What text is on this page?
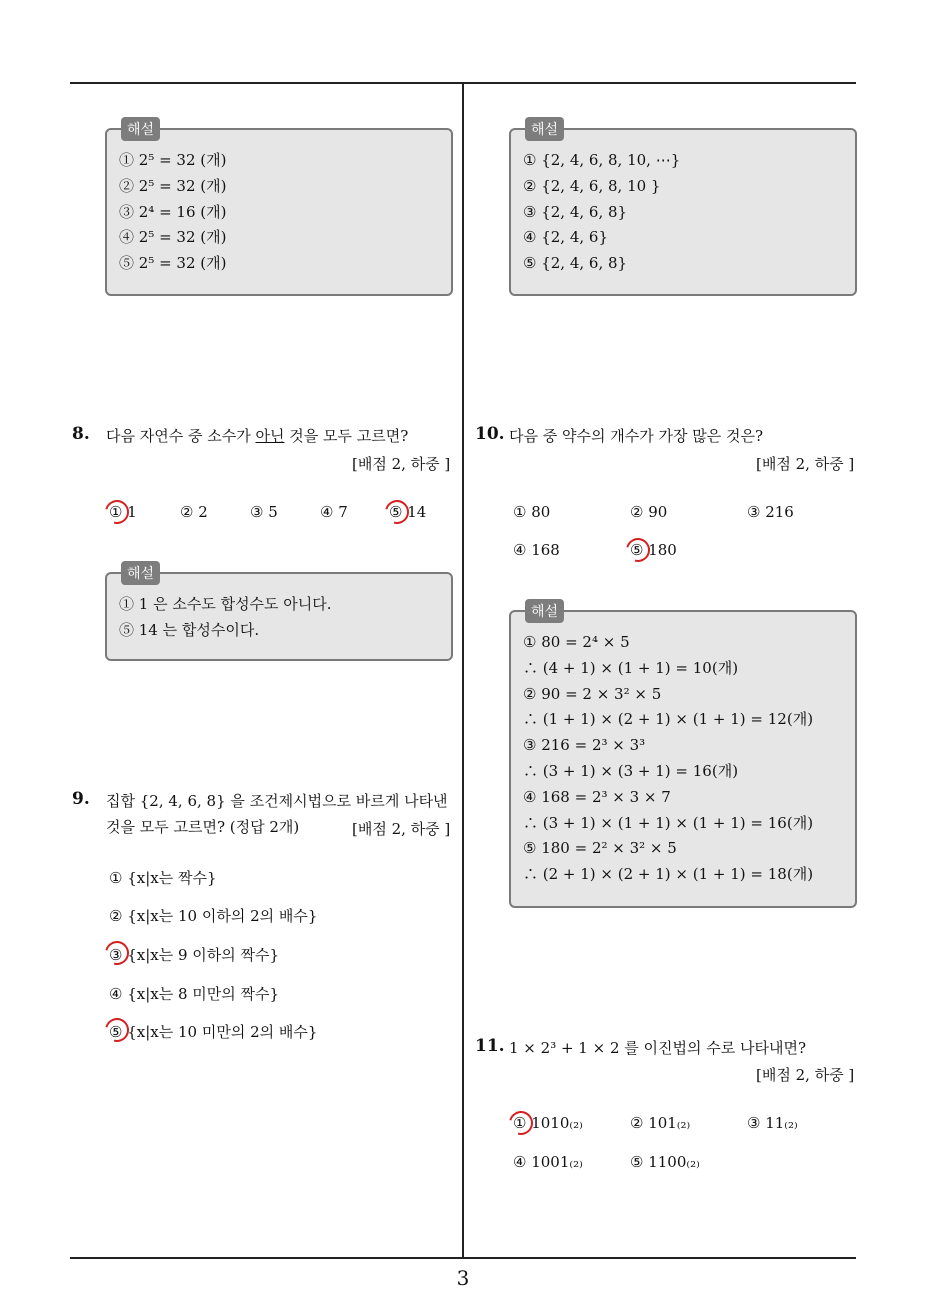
해설
① 2⁵ = 32 (개)
② 2⁵ = 32 (개)
③ 2⁴ = 16 (개)
④ 2⁵ = 32 (개)
⑤ 2⁵ = 32 (개)
8. 다음 자연수 중 소수가 아닌 것을 모두 고르면?
[배점 2, 하중 ]
① 1	② 2	③ 5	④ 7	⑤ 14
해설
① 1 은 소수도 합성수도 아니다.
⑤ 14 는 합성수이다.
9. 집합 {2, 4, 6, 8} 을 조건제시법으로 바르게 나타낸
것을 모두 고르면? (정답 2개)	[배점 2, 하중 ]
① {x|x는 짝수}
② {x|x는 10 이하의 2의 배수}
③ {x|x는 9 이하의 짝수}
④ {x|x는 8 미만의 짝수}
⑤ {x|x는 10 미만의 2의 배수}
해설
① {2, 4, 6, 8, 10, ⋯}
② {2, 4, 6, 8, 10 }
③ {2, 4, 6, 8}
④ {2, 4, 6}
⑤ {2, 4, 6, 8}
10. 다음 중 약수의 개수가 가장 많은 것은?
[배점 2, 하중 ]
① 80	② 90	③ 216
④ 168	⑤ 180
해설
① 80 = 2⁴ × 5
∴ (4 + 1) × (1 + 1) = 10(개)
② 90 = 2 × 3² × 5
∴ (1 + 1) × (2 + 1) × (1 + 1) = 12(개)
③ 216 = 2³ × 3³
∴ (3 + 1) × (3 + 1) = 16(개)
④ 168 = 2³ × 3 × 7
∴ (3 + 1) × (1 + 1) × (1 + 1) = 16(개)
⑤ 180 = 2² × 3² × 5
∴ (2 + 1) × (2 + 1) × (1 + 1) = 18(개)
11. 1 × 2³ + 1 × 2 를 이진법의 수로 나타내면?
[배점 2, 하중 ]
① 1010₍₂₎	② 101₍₂₎	③ 11₍₂₎
④ 1001₍₂₎	⑤ 1100₍₂₎
3
